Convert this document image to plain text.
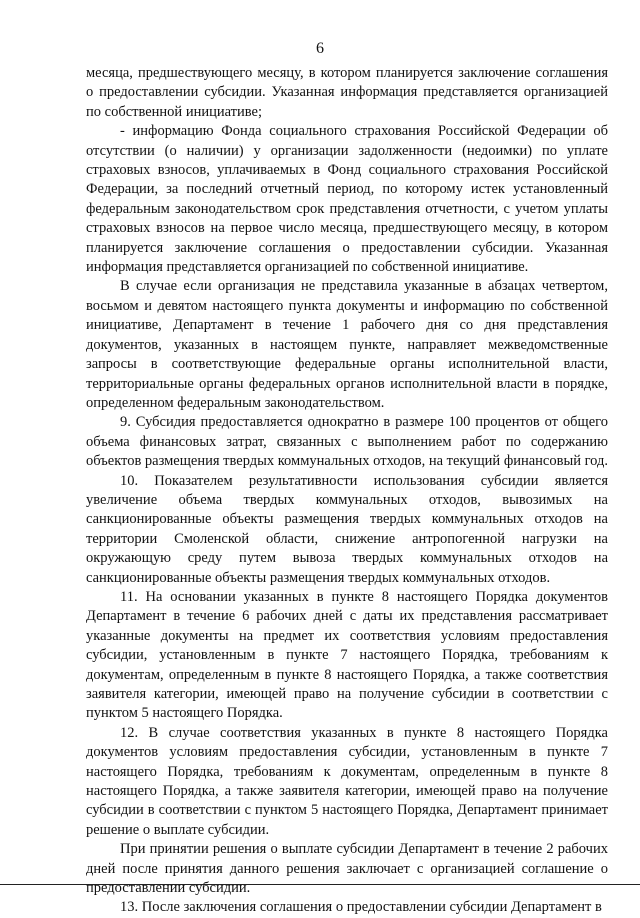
6

месяца, предшествующего месяцу, в котором планируется заключение соглашения о предоставлении субсидии. Указанная информация представляется организацией по собственной инициативе;

- информацию Фонда социального страхования Российской Федерации об отсутствии (о наличии) у организации задолженности (недоимки) по уплате страховых взносов, уплачиваемых в Фонд социального страхования Российской Федерации, за последний отчетный период, по которому истек установленный федеральным законодательством срок представления отчетности, с учетом уплаты страховых взносов на первое число месяца, предшествующего месяцу, в котором планируется заключение соглашения о предоставлении субсидии. Указанная информация представляется организацией по собственной инициативе.

В случае если организация не представила указанные в абзацах четвертом, восьмом и девятом настоящего пункта документы и информацию по собственной инициативе, Департамент в течение 1 рабочего дня со дня представления документов, указанных в настоящем пункте, направляет межведомственные запросы в соответствующие федеральные органы исполнительной власти, территориальные органы федеральных органов исполнительной власти в порядке, определенном федеральным законодательством.

9. Субсидия предоставляется однократно в размере 100 процентов от общего объема финансовых затрат, связанных с выполнением работ по содержанию объектов размещения твердых коммунальных отходов, на текущий финансовый год.

10. Показателем результативности использования субсидии является увеличение объема твердых коммунальных отходов, вывозимых на санкционированные объекты размещения твердых коммунальных отходов на территории Смоленской области, снижение антропогенной нагрузки на окружающую среду путем вывоза твердых коммунальных отходов на санкционированные объекты размещения твердых коммунальных отходов.

11. На основании указанных в пункте 8 настоящего Порядка документов Департамент в течение 6 рабочих дней с даты их представления рассматривает указанные документы на предмет их соответствия условиям предоставления субсидии, установленным в пункте 7 настоящего Порядка, требованиям к документам, определенным в пункте 8 настоящего Порядка, а также соответствия заявителя категории, имеющей право на получение субсидии в соответствии с пунктом 5 настоящего Порядка.

12. В случае соответствия указанных в пункте 8 настоящего Порядка документов условиям предоставления субсидии, установленным в пункте 7 настоящего Порядка, требованиям к документам, определенным в пункте 8 настоящего Порядка, а также заявителя категории, имеющей право на получение субсидии в соответствии с пунктом 5 настоящего Порядка, Департамент принимает решение о выплате субсидии.

При принятии решения о выплате субсидии Департамент в течение 2 рабочих дней после принятия данного решения заключает с организацией соглашение о предоставлении субсидии.

13. После заключения соглашения о предоставлении субсидии Департамент в
